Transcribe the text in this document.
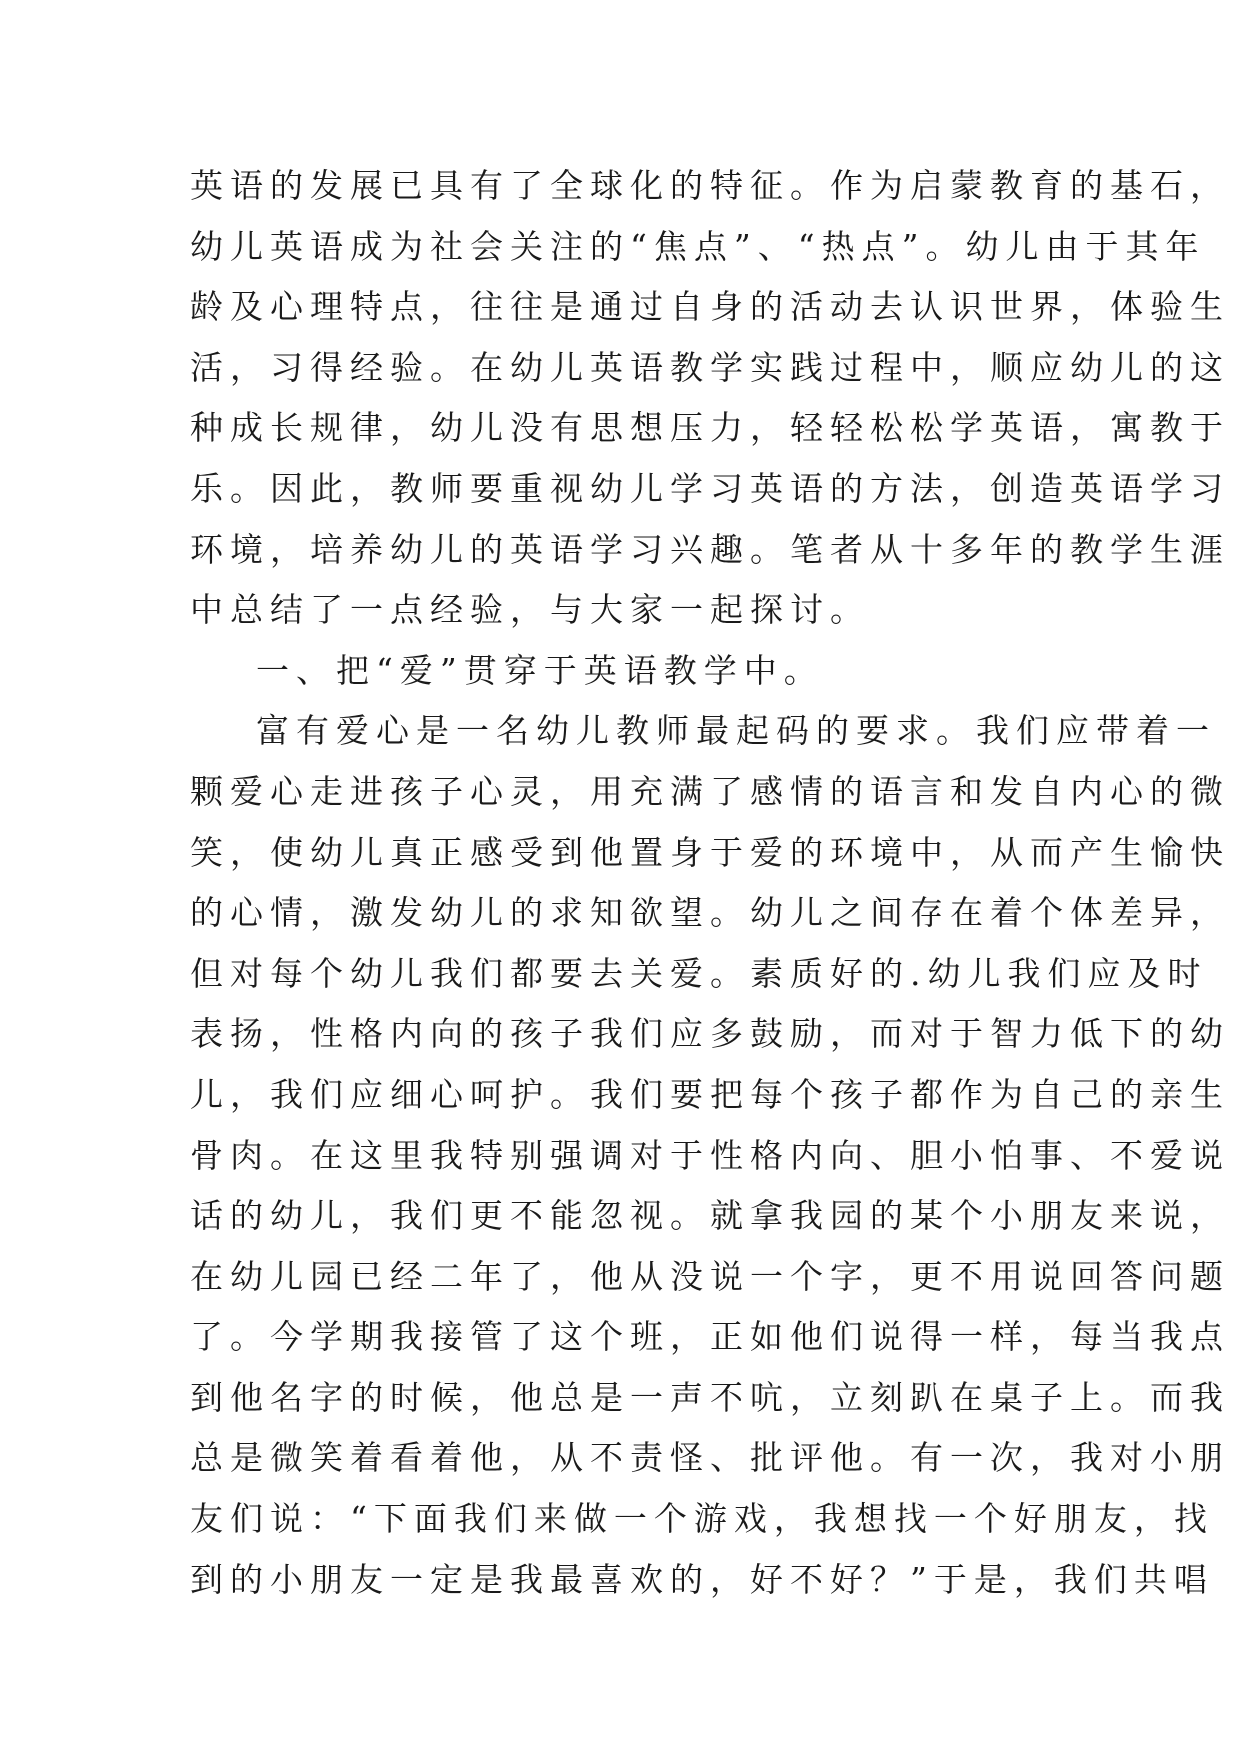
英语的发展已具有了全球化的特征。作为启蒙教育的基石，
幼儿英语成为社会关注的“焦点”、“热点”。幼儿由于其年
龄及心理特点，往往是通过自身的活动去认识世界，体验生
活，习得经验。在幼儿英语教学实践过程中，顺应幼儿的这
种成长规律，幼儿没有思想压力，轻轻松松学英语，寓教于
乐。因此，教师要重视幼儿学习英语的方法，创造英语学习
环境，培养幼儿的英语学习兴趣。笔者从十多年的教学生涯
中总结了一点经验，与大家一起探讨。
一、把“爱”贯穿于英语教学中。
富有爱心是一名幼儿教师最起码的要求。我们应带着一
颗爱心走进孩子心灵，用充满了感情的语言和发自内心的微
笑，使幼儿真正感受到他置身于爱的环境中，从而产生愉快
的心情，激发幼儿的求知欲望。幼儿之间存在着个体差异，
但对每个幼儿我们都要去关爱。素质好的.幼儿我们应及时
表扬，性格内向的孩子我们应多鼓励，而对于智力低下的幼
儿，我们应细心呵护。我们要把每个孩子都作为自己的亲生
骨肉。在这里我特别强调对于性格内向、胆小怕事、不爱说
话的幼儿，我们更不能忽视。就拿我园的某个小朋友来说，
在幼儿园已经二年了，他从没说一个字，更不用说回答问题
了。今学期我接管了这个班，正如他们说得一样，每当我点
到他名字的时候，他总是一声不吭，立刻趴在桌子上。而我
总是微笑着看着他，从不责怪、批评他。有一次，我对小朋
友们说：“下面我们来做一个游戏，我想找一个好朋友，找
到的小朋友一定是我最喜欢的，好不好？”于是，我们共唱
